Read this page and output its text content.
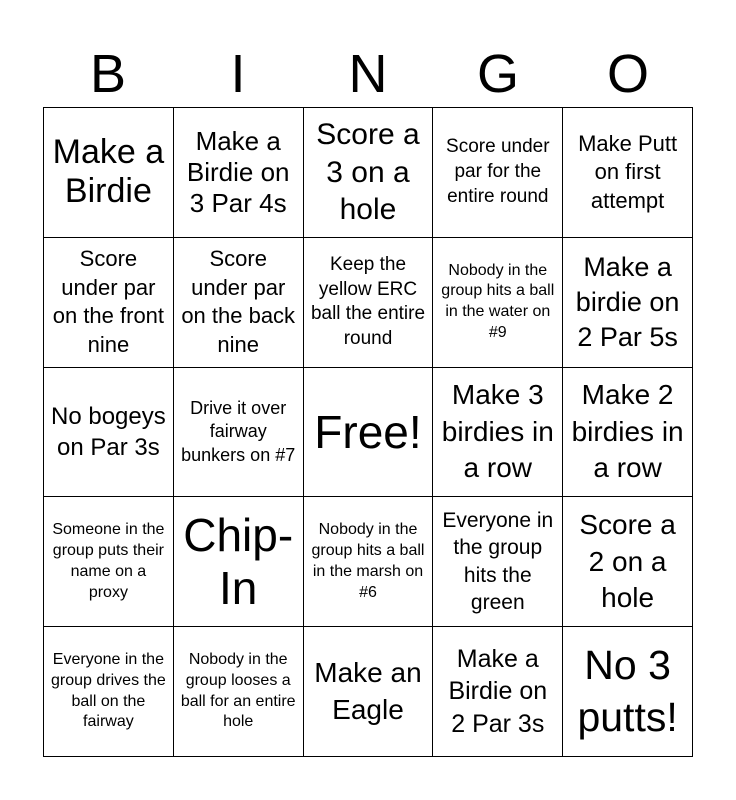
B	I	N	G	O
Make a Birdie
Make a Birdie on 3 Par 4s
Score a 3 on a hole
Score under par for the entire round
Make Putt on first attempt
Score under par on the front nine
Score under par on the back nine
Keep the yellow ERC ball the entire round
Nobody in the group hits a ball in the water on #9
Make a birdie on 2 Par 5s
No bogeys on Par 3s
Drive it over fairway bunkers on #7 Free!
Make 3 birdies in a row
Make 2 birdies in a row
Someone in the group puts their name on a proxy
Chip-In
Nobody in the group hits a ball in the marsh on #6
Everyone in the group hits the green
Score a 2 on a hole
Everyone in the group drives the ball on the fairway
Nobody in the group looses a ball for an entire hole
Make an Eagle
Make a Birdie on 2 Par 3s
No 3 putts!
